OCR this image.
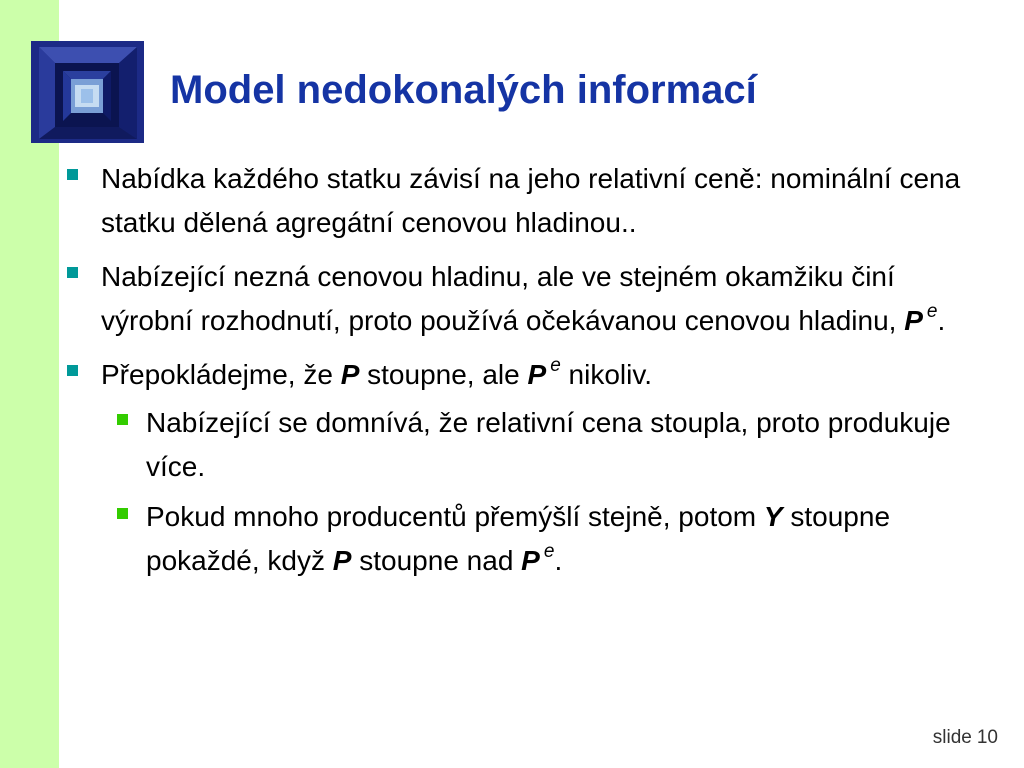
Model nedokonalých informací
Nabídka každého statku závisí na jeho relativní ceně: nominální cena statku dělená agregátní cenovou hladinou..
Nabízející nezná cenovou hladinu, ale ve stejném okamžiku činí výrobní rozhodnutí, proto používá očekávanou cenovou hladinu, P $^e$.
Přepokládejme, že P stoupne, ale P $^e$ nikoliv.
Nabízející se domnívá, že relativní cena stoupla, proto produkuje více.
Pokud mnoho producentů přemýšlí stejně, potom Y stoupne pokaždé, když P stoupne nad P $^e$.
slide 10
